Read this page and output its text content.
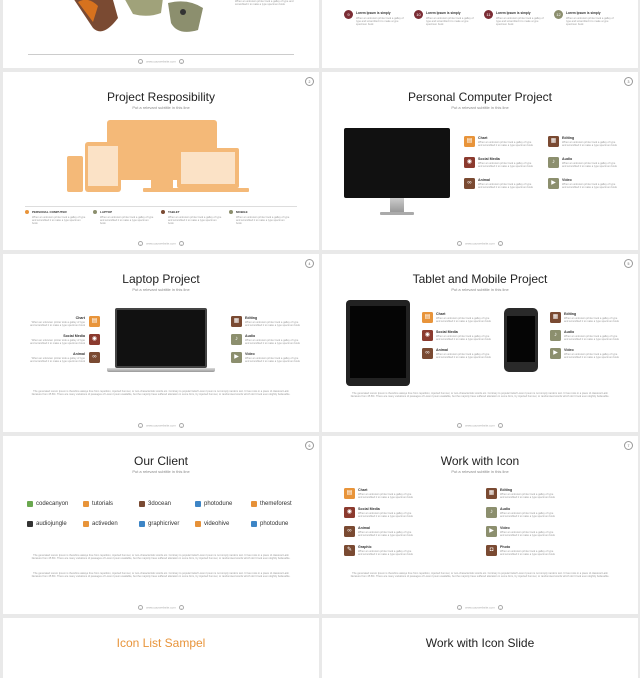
When an unknown printer took a galley of type and scrambled it to make a type specimen book
‹ www.yourwebsite.com ›
9	Lorem Ipsum is simply
When an unknown printer took a galley of type and scrambled it to make a type specimen book
10	Lorem Ipsum is simply
When an unknown printer took a galley of type and scrambled it to make a type specimen book
11	Lorem Ipsum is simply
When an unknown printer took a galley of type and scrambled it to make a type specimen book
12	Lorem Ipsum is simply
When an unknown printer took a galley of type and scrambled it to make a type specimen book
2
Project Resposibility
Put a relevant subtitle in this line
PERSONAL COMPUTER
When an unknown printer took a galley of type and scrambled it to make a type specimen book
LAPTOP
When an unknown printer took a galley of type and scrambled it to make a type specimen book
TABLET
When an unknown printer took a galley of type and scrambled it to make a type specimen book
MOBILE
When an unknown printer took a galley of type and scrambled it to make a type specimen book
‹ www.yourwebsite.com ›
3
Personal Computer Project
Put a relevant subtitle in this line
▤	Chart
When an unknown printer took a galley of type and scrambled it to make a type specimen book
◉	Social Media
When an unknown printer took a galley of type and scrambled it to make a type specimen book
∞	Animal
When an unknown printer took a galley of type and scrambled it to make a type specimen book
▦	Editing
When an unknown printer took a galley of type and scrambled it to make a type specimen book
♪	Audio
When an unknown printer took a galley of type and scrambled it to make a type specimen book
▶	Video
When an unknown printer took a galley of type and scrambled it to make a type specimen book
‹ www.yourwebsite.com ›
4
Laptop Project
Put a relevant subtitle in this line
▤
Chart
When an unknown printer took a galley of type and scrambled it to make a type specimen book
◉
Social Media
When an unknown printer took a galley of type and scrambled it to make a type specimen book
∞
Animal
When an unknown printer took a galley of type and scrambled it to make a type specimen book
▦	Editing
When an unknown printer took a galley of type and scrambled it to make a type specimen book
♪	Audio
When an unknown printer took a galley of type and scrambled it to make a type specimen book
▶	Video
When an unknown printer took a galley of type and scrambled it to make a type specimen book
The generated Lorem Ipsum is therefore always free from repetition, injected humour, or non-characteristic words etc. Contrary to popular belief Lorem Ipsum is not simply random text. It has roots in a piece of classical Latin literature from 45 BC. There are many variations of passages of Lorem Ipsum available, but the majority have suffered alteration in some form, by injected humour, or randomised words which don't look even slightly believable.
‹ www.yourwebsite.com ›
5
Tablet and Mobile Project
Put a relevant subtitle in this line
▤	Chart
When an unknown printer took a galley of type and scrambled it to make a type specimen book
◉	Social Media
When an unknown printer took a galley of type and scrambled it to make a type specimen book
∞	Animal
When an unknown printer took a galley of type and scrambled it to make a type specimen book
▦	Editing
When an unknown printer took a galley of type and scrambled it to make a type specimen book
♪	Audio
When an unknown printer took a galley of type and scrambled it to make a type specimen book
▶	Video
When an unknown printer took a galley of type and scrambled it to make a type specimen book
The generated Lorem Ipsum is therefore always free from repetition, injected humour, or non-characteristic words etc. Contrary to popular belief Lorem Ipsum is not simply random text. It has roots in a piece of classical Latin literature from 45 BC. There are many variations of passages of Lorem Ipsum available, but the majority have suffered alteration in some form, by injected humour, or randomised words which don't look even slightly believable.
‹ www.yourwebsite.com ›
6
Our Client
Put a relevant subtitle in this line
codecanyon	tutorials	3docean	photodune	themeforest
audiojungle	activeden	graphicriver	videohive	photodune
The generated Lorem Ipsum is therefore always free from repetition, injected humour, or non-characteristic words etc. Contrary to popular belief Lorem Ipsum is not simply random text. It has roots in a piece of classical Latin literature from 45 BC. There are many variations of passages of Lorem Ipsum available, but the majority have suffered alteration in some form, by injected humour, or randomised words which don't look even slightly believable.
The generated Lorem Ipsum is therefore always free from repetition, injected humour, or non-characteristic words etc. Contrary to popular belief Lorem Ipsum is not simply random text. It has roots in a piece of classical Latin literature from 45 BC. There are many variations of passages of Lorem Ipsum available, but the majority have suffered alteration in some form, by injected humour, or randomised words which don't look even slightly believable.
‹ www.yourwebsite.com ›
7
Work with Icon
Put a relevant subtitle in this line
▤	Chart
When an unknown printer took a galley of type and scrambled it to make a type specimen book
◉	Social Media
When an unknown printer took a galley of type and scrambled it to make a type specimen book
∞	Animal
When an unknown printer took a galley of type and scrambled it to make a type specimen book
✎	Graphic
When an unknown printer took a galley of type and scrambled it to make a type specimen book
▦	Editing
When an unknown printer took a galley of type and scrambled it to make a type specimen book
♪	Audio
When an unknown printer took a galley of type and scrambled it to make a type specimen book
▶	Video
When an unknown printer took a galley of type and scrambled it to make a type specimen book
◘	Photo
When an unknown printer took a galley of type and scrambled it to make a type specimen book
The generated Lorem Ipsum is therefore always free from repetition, injected humour, or non-characteristic words etc. Contrary to popular belief Lorem Ipsum is not simply random text. It has roots in a piece of classical Latin literature from 45 BC. There are many variations of passages of Lorem Ipsum available, but the majority have suffered alteration in some form, by injected humour, or randomised words which don't look even slightly believable.
‹ www.yourwebsite.com ›
Icon List Sampel	Work with Icon Slide
